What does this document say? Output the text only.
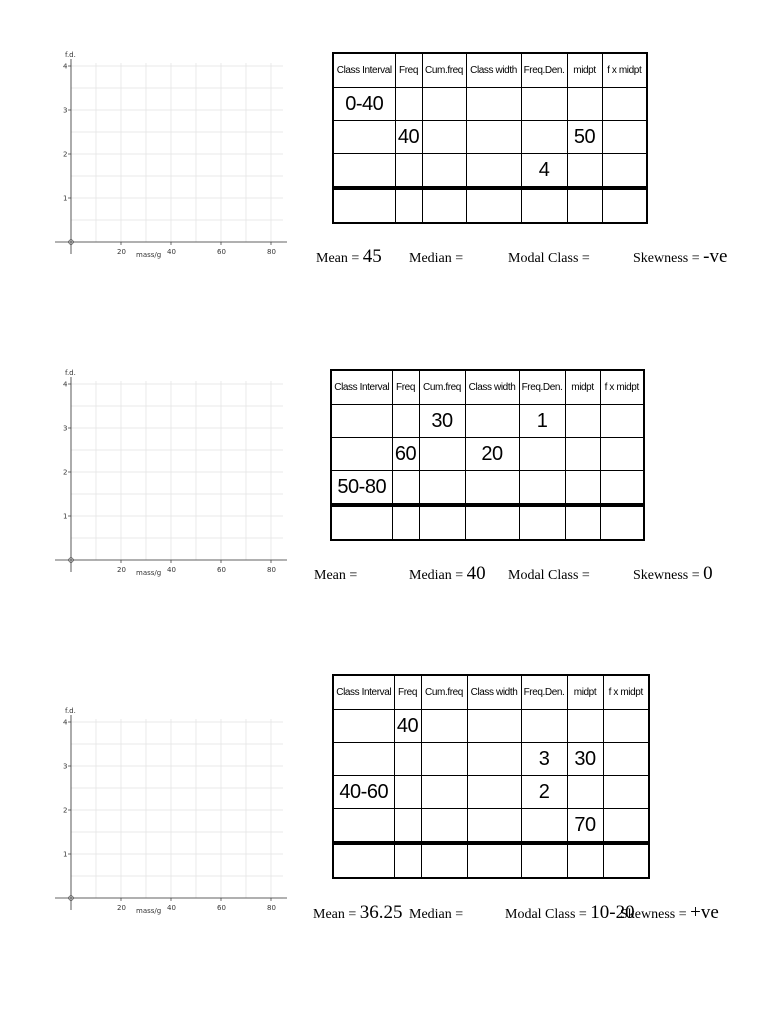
4
3
2
1
20	40	60	80
f.d.
mass/g
Class Interval	Freq	Cum.freq	Class width	Freq.Den.	midpt	f x midpt
0-40						
	40				50	
				4		

Mean = 45 Median =	Modal Class =	Skewness = -ve
4
3
2
1
20	40	60	80
f.d.
mass/g
Class Interval	Freq	Cum.freq	Class width	Freq.Den.	midpt	f x midpt
		30		1		
	60		20			
50-80						

Mean =	Median = 40 Modal Class =	Skewness = 0
4
3
2
1
20	40	60	80
f.d.
mass/g
Class Interval	Freq	Cum.freq	Class width	Freq.Den.	midpt	f x midpt
	40					
				3	30	
40-60				2		
					70	

Mean = 36.25 Median =	Modal Class = 10-20
Skewness = +ve
